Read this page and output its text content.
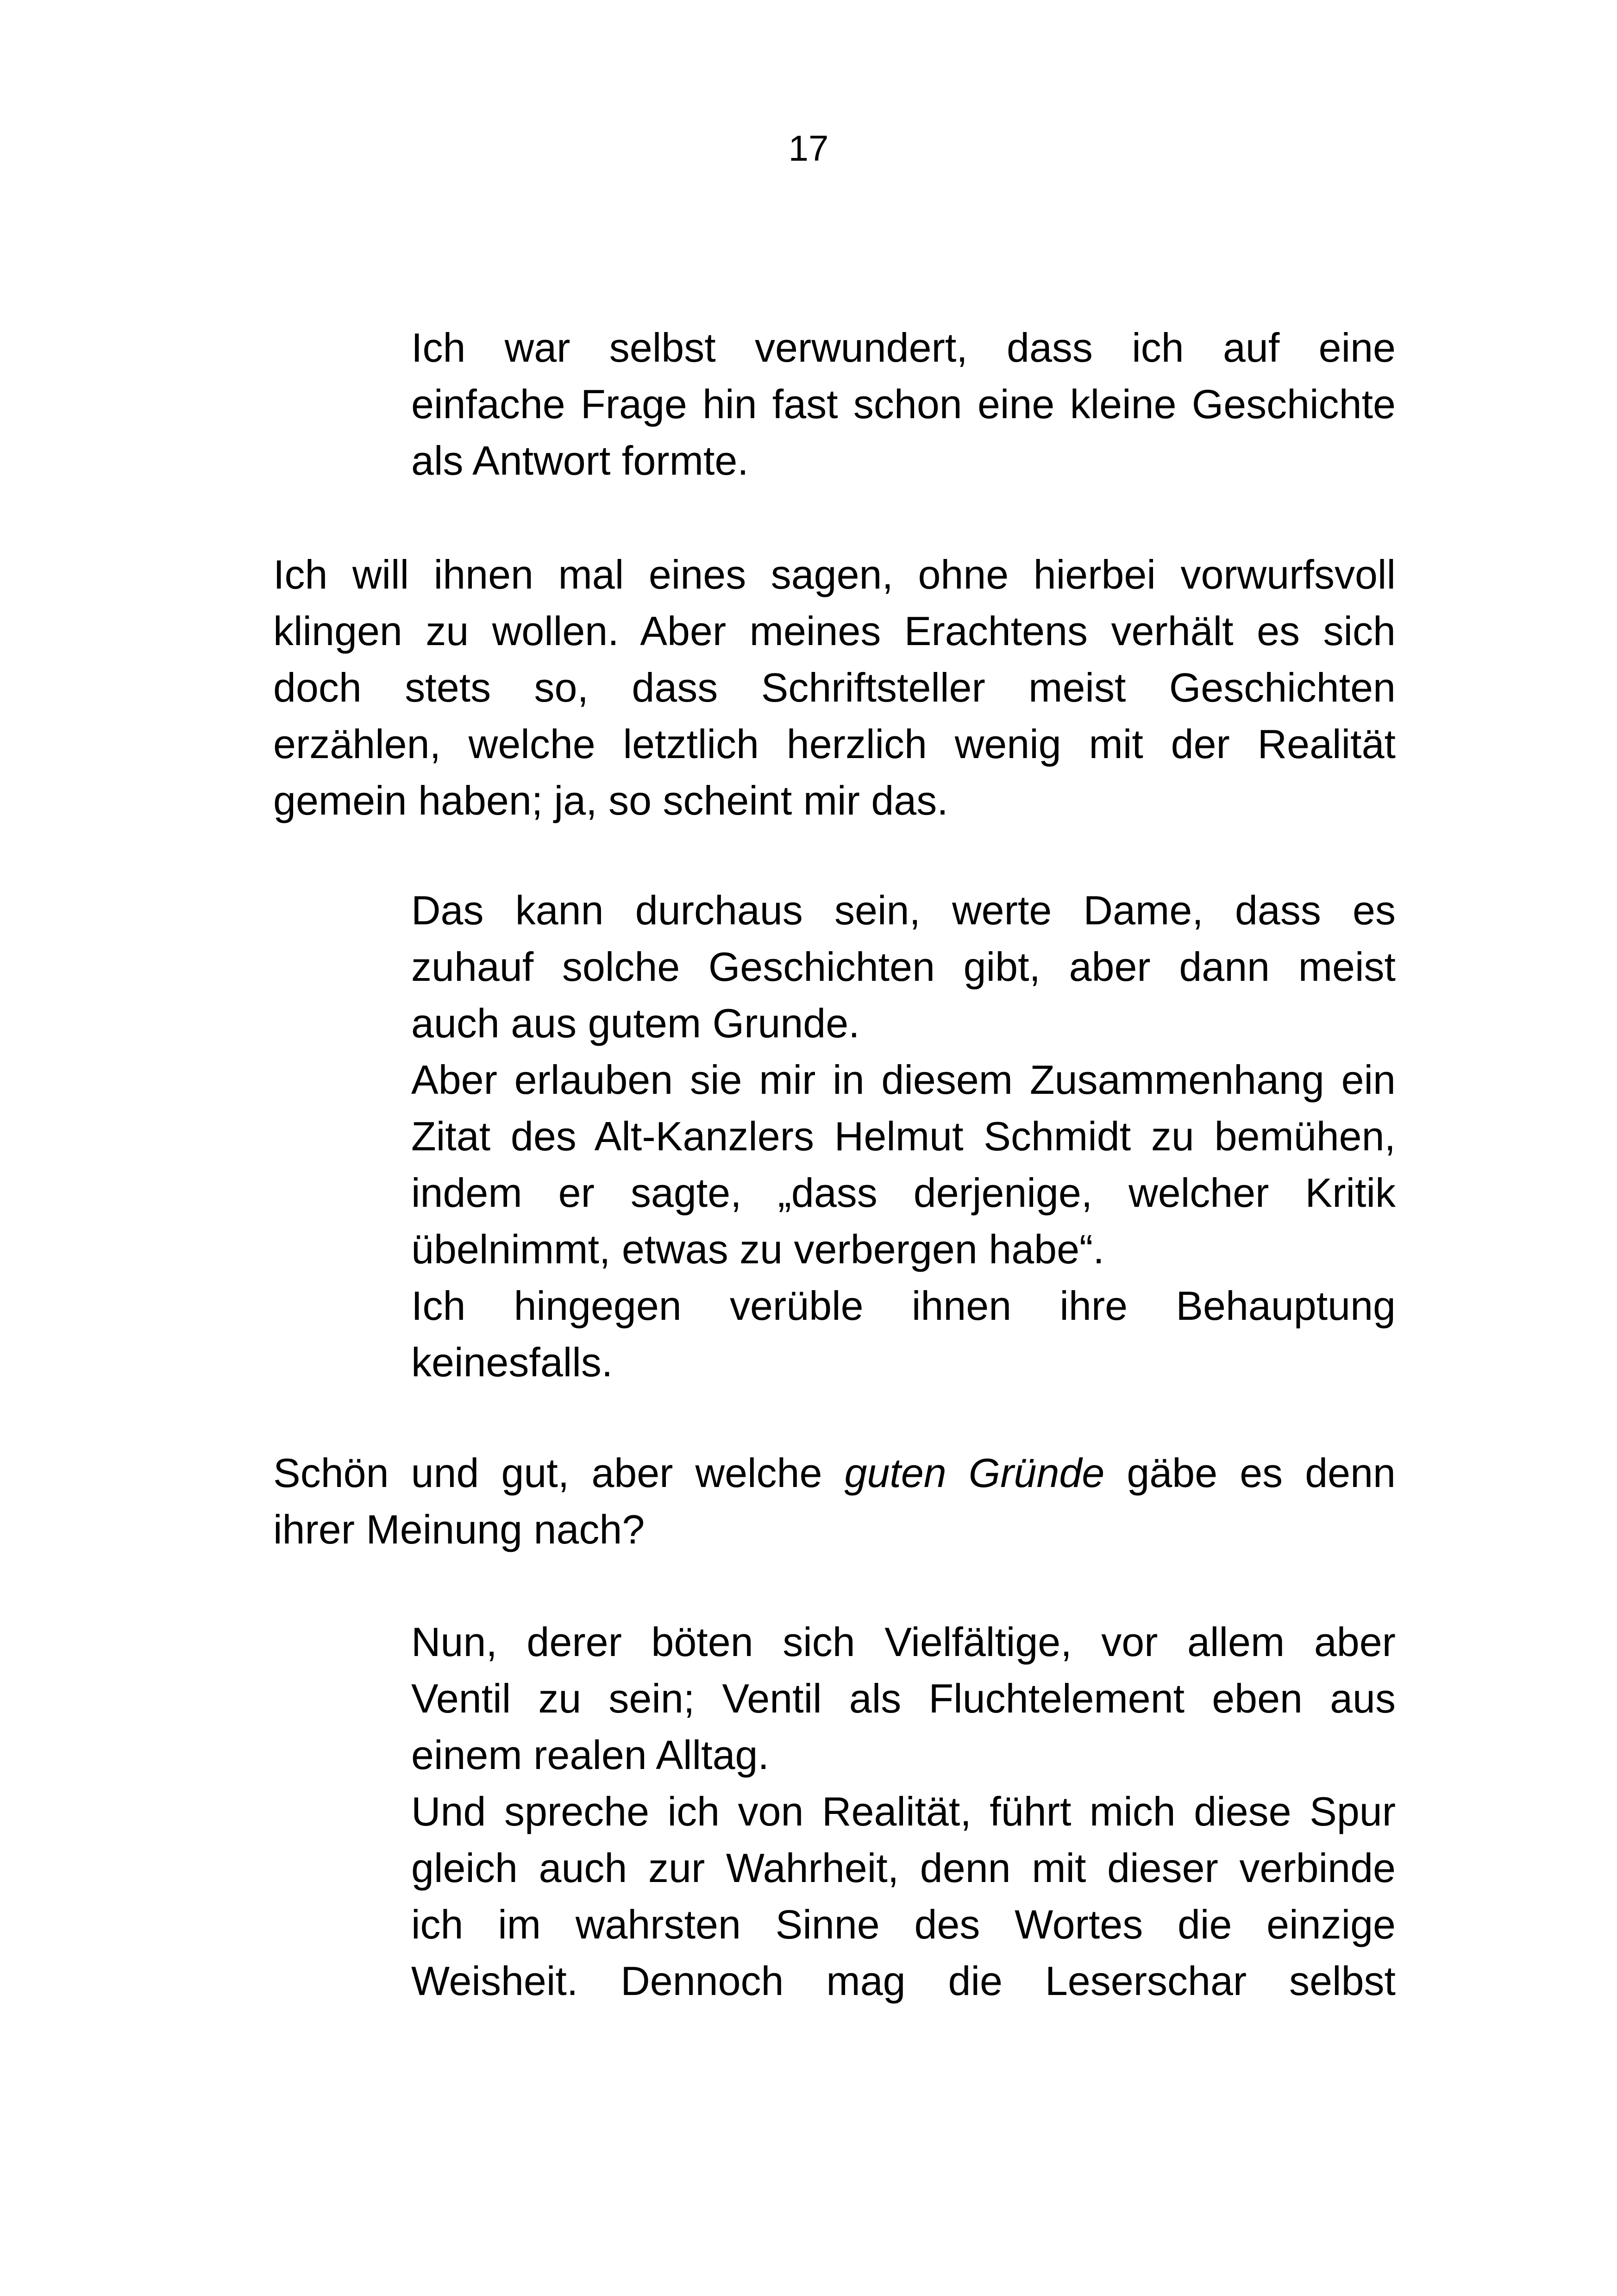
17
Ich war selbst verwundert, dass ich auf eine
einfache Frage hin fast schon eine kleine Geschichte
als Antwort formte.
Ich will ihnen mal eines sagen, ohne hierbei vorwurfsvoll
klingen zu wollen. Aber meines Erachtens verhält es sich
doch stets so, dass Schriftsteller meist Geschichten
erzählen, welche letztlich herzlich wenig mit der Realität
gemein haben; ja, so scheint mir das.
Das kann durchaus sein, werte Dame, dass es
zuhauf solche Geschichten gibt, aber dann meist
auch aus gutem Grunde.
Aber erlauben sie mir in diesem Zusammenhang ein
Zitat des Alt-Kanzlers Helmut Schmidt zu bemühen,
indem er sagte, „dass derjenige, welcher Kritik
übelnimmt, etwas zu verbergen habe“.
Ich hingegen verüble ihnen ihre Behauptung
keinesfalls.
Schön und gut, aber welche guten Gründe gäbe es denn
ihrer Meinung nach?
Nun, derer böten sich Vielfältige, vor allem aber
Ventil zu sein; Ventil als Fluchtelement eben aus
einem realen Alltag.
Und spreche ich von Realität, führt mich diese Spur
gleich auch zur Wahrheit, denn mit dieser verbinde
ich im wahrsten Sinne des Wortes die einzige
Weisheit. Dennoch mag die Leserschar selbst
